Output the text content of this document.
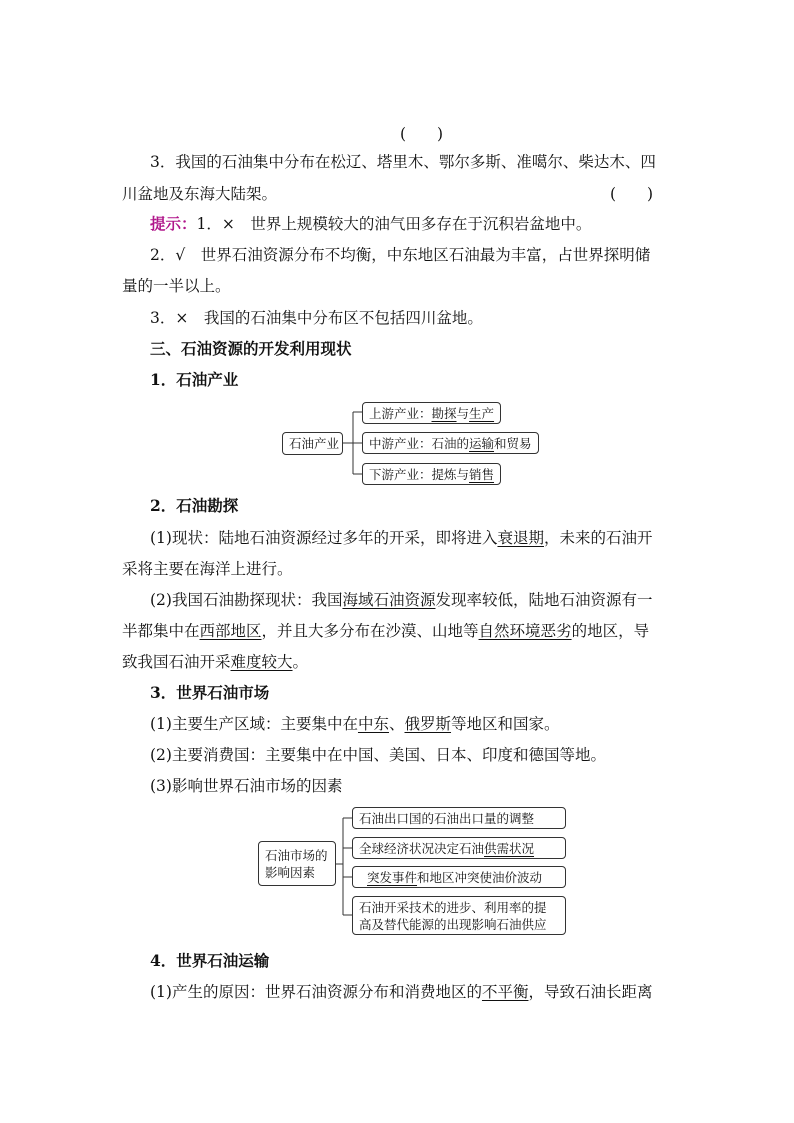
(　　)
3．我国的石油集中分布在松辽、塔里木、鄂尔多斯、准噶尔、柴达木、四
川盆地及东海大陆架。	(　　)
提示：1．×　世界上规模较大的油气田多存在于沉积岩盆地中。
2．√　世界石油资源分布不均衡，中东地区石油最为丰富，占世界探明储
量的一半以上。
3．×　我国的石油集中分布区不包括四川盆地。
三、石油资源的开发利用现状
1．石油产业
石油产业
上游产业：勘探与生产
中游产业：石油的运输和贸易
下游产业：提炼与销售
2．石油勘探
(1)现状：陆地石油资源经过多年的开采，即将进入衰退期，未来的石油开
采将主要在海洋上进行。
(2)我国石油勘探现状：我国海域石油资源发现率较低，陆地石油资源有一
半都集中在西部地区，并且大多分布在沙漠、山地等自然环境恶劣的地区，导
致我国石油开采难度较大。
3．世界石油市场
(1)主要生产区域：主要集中在中东、俄罗斯等地区和国家。
(2)主要消费国：主要集中在中国、美国、日本、印度和德国等地。
(3)影响世界石油市场的因素
石油市场的
影响因素
石油出口国的石油出口量的调整
全球经济状况决定石油供需状况
突发事件和地区冲突使油价波动
石油开采技术的进步、利用率的提
高及替代能源的出现影响石油供应
4．世界石油运输
(1)产生的原因：世界石油资源分布和消费地区的不平衡，导致石油长距离
